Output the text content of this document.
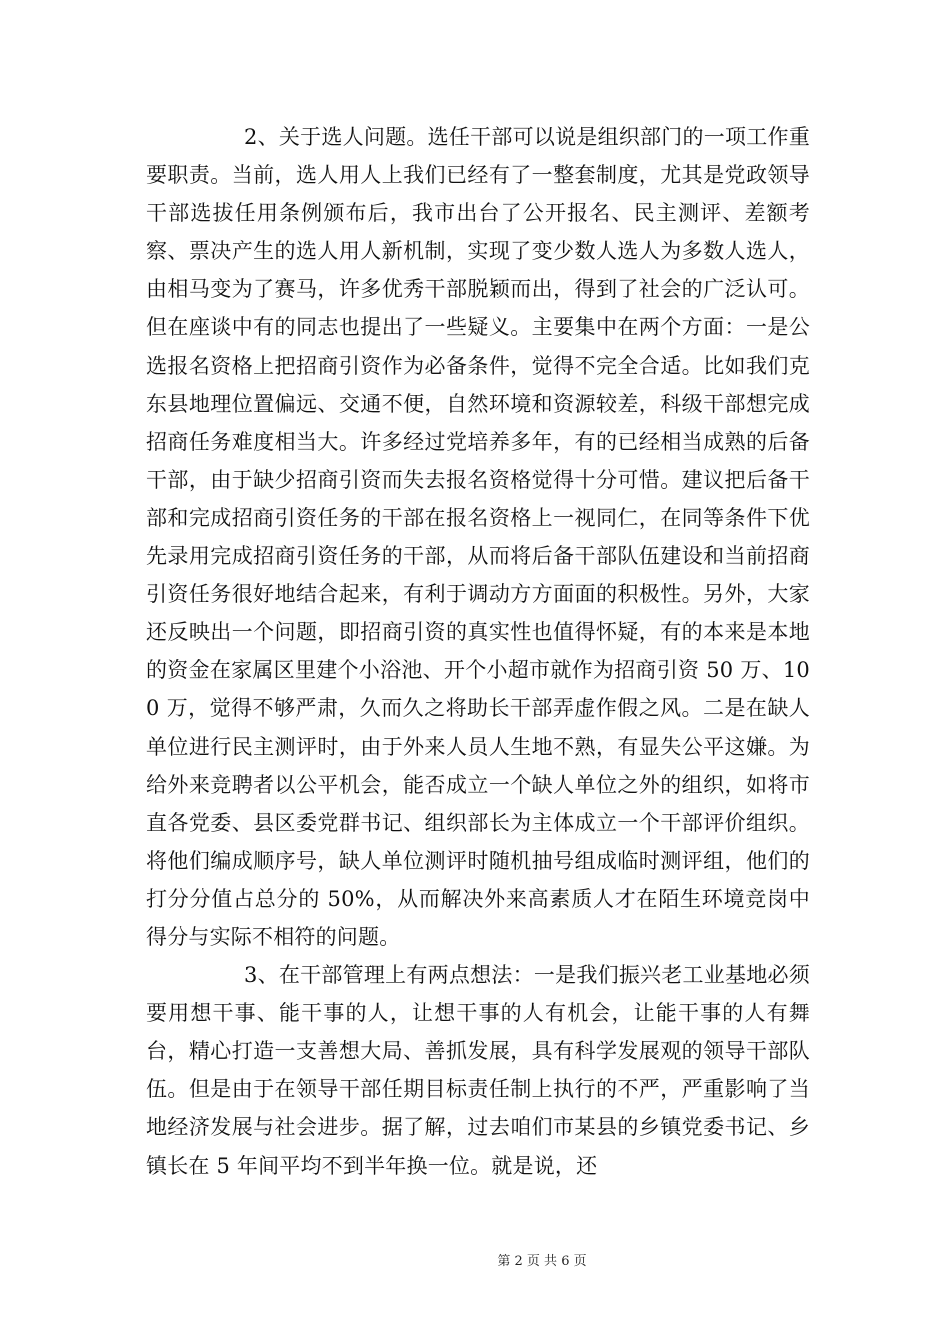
2、关于选人问题。选任干部可以说是组织部门的一项工作重要职责。当前，选人用人上我们已经有了一整套制度，尤其是党政领导干部选拔任用条例颁布后，我市出台了公开报名、民主测评、差额考察、票决产生的选人用人新机制，实现了变少数人选人为多数人选人，由相马变为了赛马，许多优秀干部脱颖而出，得到了社会的广泛认可。但在座谈中有的同志也提出了一些疑义。主要集中在两个方面：一是公选报名资格上把招商引资作为必备条件，觉得不完全合适。比如我们克东县地理位置偏远、交通不便，自然环境和资源较差，科级干部想完成招商任务难度相当大。许多经过党培养多年，有的已经相当成熟的后备干部，由于缺少招商引资而失去报名资格觉得十分可惜。建议把后备干部和完成招商引资任务的干部在报名资格上一视同仁，在同等条件下优先录用完成招商引资任务的干部，从而将后备干部队伍建设和当前招商引资任务很好地结合起来，有利于调动方方面面的积极性。另外，大家还反映出一个问题，即招商引资的真实性也值得怀疑，有的本来是本地的资金在家属区里建个小浴池、开个小超市就作为招商引资 50 万、100 万，觉得不够严肃，久而久之将助长干部弄虚作假之风。二是在缺人单位进行民主测评时，由于外来人员人生地不熟，有显失公平这嫌。为给外来竞聘者以公平机会，能否成立一个缺人单位之外的组织，如将市直各党委、县区委党群书记、组织部长为主体成立一个干部评价组织。将他们编成顺序号，缺人单位测评时随机抽号组成临时测评组，他们的打分分值占总分的 50%，从而解决外来高素质人才在陌生环境竞岗中得分与实际不相符的问题。

3、在干部管理上有两点想法：一是我们振兴老工业基地必须要用想干事、能干事的人，让想干事的人有机会，让能干事的人有舞台，精心打造一支善想大局、善抓发展，具有科学发展观的领导干部队伍。但是由于在领导干部任期目标责任制上执行的不严，严重影响了当地经济发展与社会进步。据了解，过去咱们市某县的乡镇党委书记、乡镇长在 5 年间平均不到半年换一位。就是说，还

第 2 页 共 6 页
